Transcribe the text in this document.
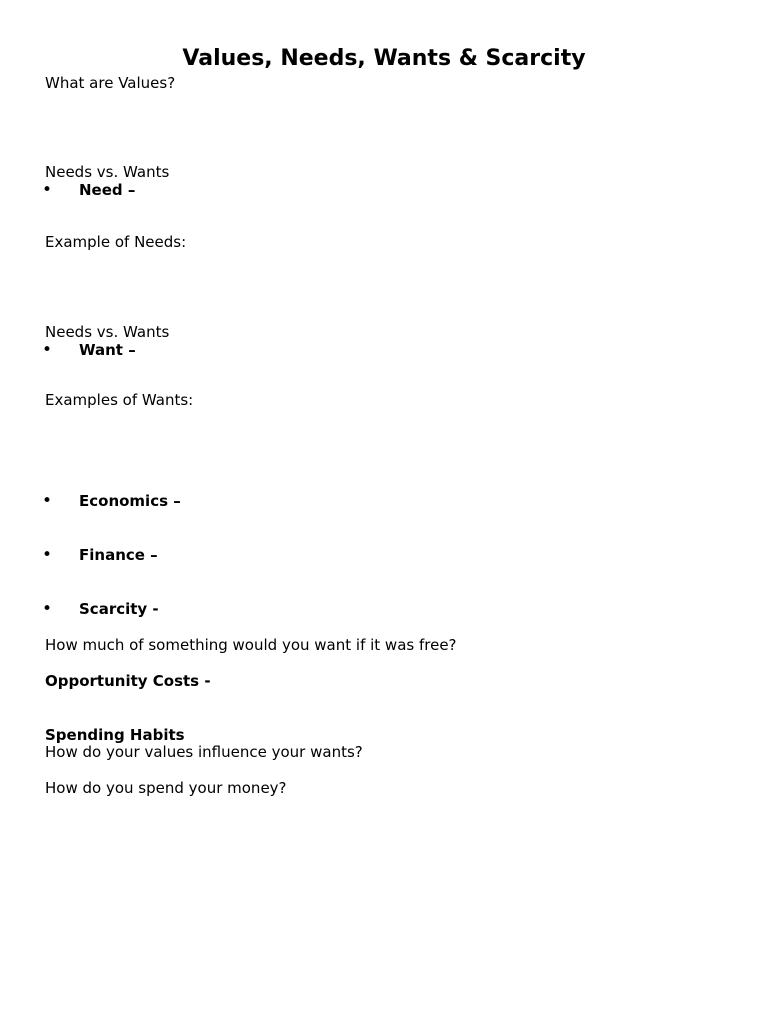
Values, Needs, Wants & Scarcity
What are Values?
Needs vs. Wants
• Need –
Example of Needs:
Needs vs. Wants
• Want –
Examples of Wants:
• Economics –
• Finance –
• Scarcity -
How much of something would you want if it was free?
Opportunity Costs -
Spending Habits
How do your values influence your wants?
How do you spend your money?
